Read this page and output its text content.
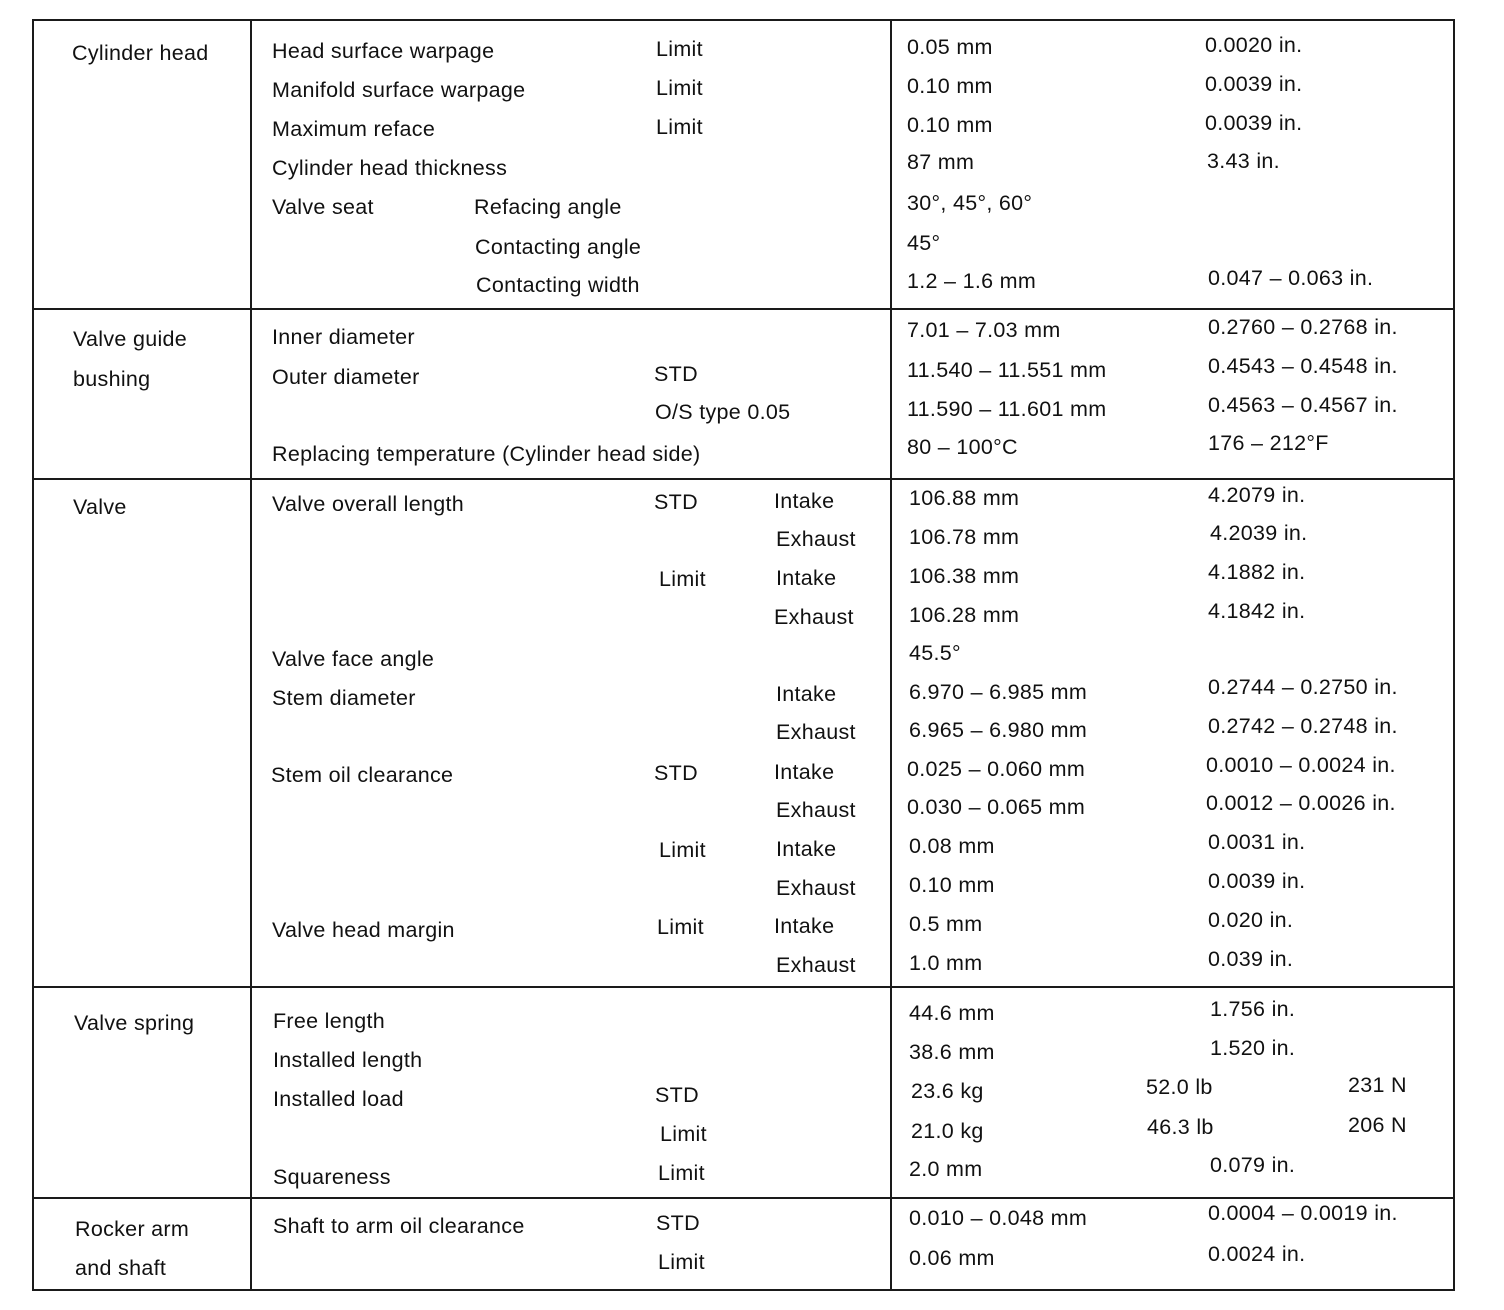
Cylinder head	Head surface warpage	Limit	0.05 mm	0.0020 in.
Manifold surface warpage	Limit	0.10 mm	0.0039 in.
Maximum reface	Limit	0.10 mm	0.0039 in.
Cylinder head thickness	87 mm	3.43 in.
Valve seat	Refacing angle	30°, 45°, 60°
Contacting angle	45°
Contacting width	1.2 – 1.6 mm	0.047 – 0.063 in.
Valve guide
bushing
Inner diameter	7.01 – 7.03 mm	0.2760 – 0.2768 in.
Outer diameter	STD	11.540 – 11.551 mm	0.4543 – 0.4548 in.
O/S type 0.05	11.590 – 11.601 mm	0.4563 – 0.4567 in.
Replacing temperature (Cylinder head side)	80 – 100°C	176 – 212°F
Valve	Valve overall length	STD	Intake	106.88 mm	4.2079 in.
Exhaust 106.78 mm	4.2039 in.
Limit	Intake	106.38 mm	4.1882 in.
Exhaust	106.28 mm	4.1842 in.
Valve face angle	45.5°
Stem diameter	Intake	6.970 – 6.985 mm	0.2744 – 0.2750 in.
Exhaust 6.965 – 6.980 mm	0.2742 – 0.2748 in.
Stem oil clearance	STD	Intake	0.025 – 0.060 mm	0.0010 – 0.0024 in.
Exhaust 0.030 – 0.065 mm	0.0012 – 0.0026 in.
Limit	Intake	0.08 mm	0.0031 in.
Exhaust 0.10 mm	0.0039 in.
Valve head margin	Limit	Intake	0.5 mm	0.020 in.
Exhaust 1.0 mm	0.039 in.
Valve spring	Free length	44.6 mm	1.756 in.
Installed length	38.6 mm	1.520 in.
Installed load	STD	23.6 kg	52.0 lb	231 N
Limit	21.0 kg	46.3 lb	206 N
Squareness	Limit	2.0 mm	0.079 in.
Rocker arm
and shaft
Shaft to arm oil clearance	STD	0.010 – 0.048 mm	0.0004 – 0.0019 in.
Limit	0.06 mm	0.0024 in.
